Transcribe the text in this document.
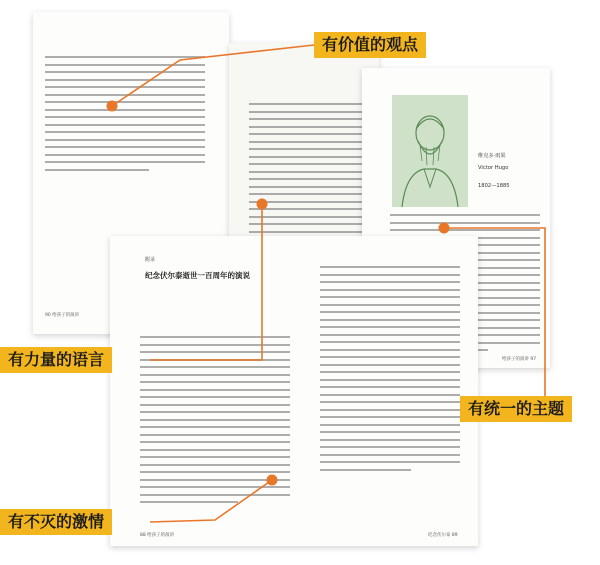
90 给孩子的演讲
给孩子的演讲 97
维克多·雨果
Victor Hugo
1802—1885
附录
纪念伏尔泰逝世一百周年的演说
88 给孩子的演讲	纪念伏尔泰 89
有价值的观点
有力量的语言
有统一的主题
有不灭的激情
